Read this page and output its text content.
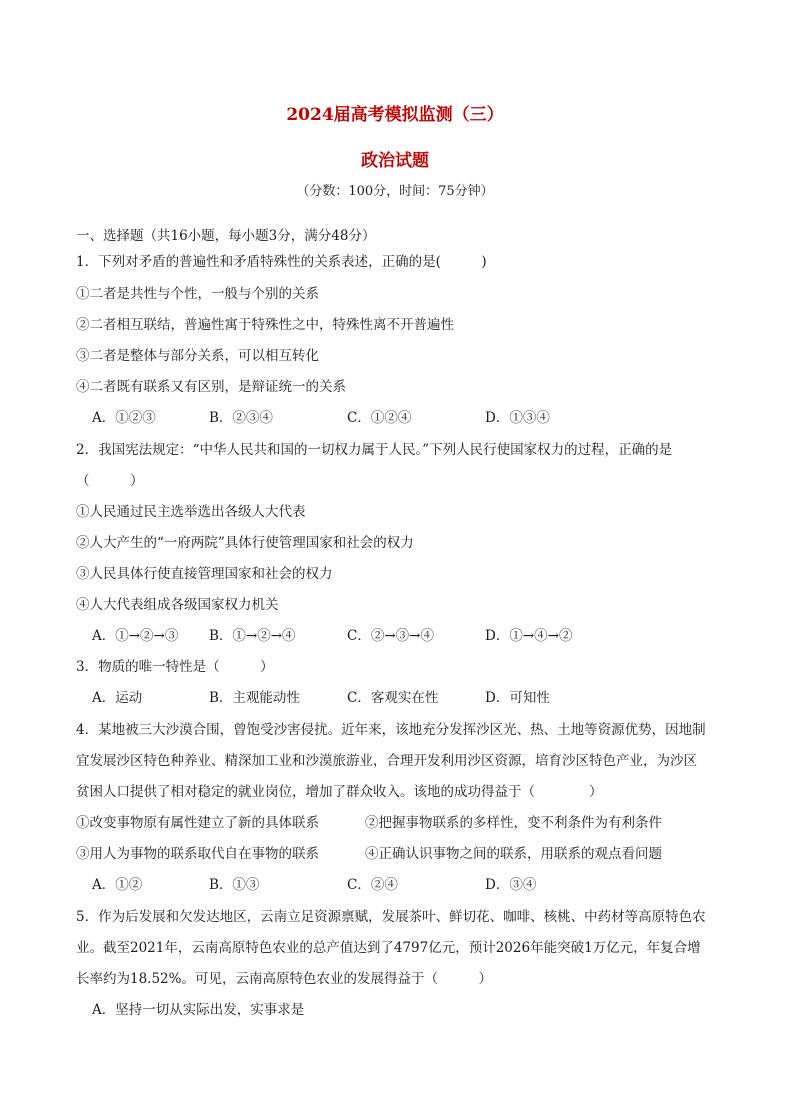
2024届高考模拟监测（三）
政治试题
（分数：100分，时间：75分钟）
一、选择题（共16小题，每小题3分，满分48分）
1．下列对矛盾的普遍性和矛盾特殊性的关系表述，正确的是(　　　)
①二者是共性与个性，一般与个别的关系
②二者相互联结，普遍性寓于特殊性之中，特殊性离不开普遍性
③二者是整体与部分关系，可以相互转化
④二者既有联系又有区别，是辩证统一的关系
A．①②③	B．②③④	C．①②④	D．①③④
2．我国宪法规定：“中华人民共和国的一切权力属于人民。”下列人民行使国家权力的过程，正确的是
（　　　）
①人民通过民主选举选出各级人大代表
②人大产生的“一府两院”具体行使管理国家和社会的权力
③人民具体行使直接管理国家和社会的权力
④人大代表组成各级国家权力机关
A．①→②→③ B．①→②→④	C．②→③→④	D．①→④→②
3．物质的唯一特性是（　　　）
A．运动	B．主观能动性	C．客观实在性	D．可知性
4．某地被三大沙漠合围，曾饱受沙害侵扰。近年来，该地充分发挥沙区光、热、土地等资源优势，因地制
宜发展沙区特色种养业、精深加工业和沙漠旅游业，合理开发利用沙区资源，培育沙区特色产业，为沙区
贫困人口提供了相对稳定的就业岗位，增加了群众收入。该地的成功得益于（　　　　）
①改变事物原有属性建立了新的具体联系	②把握事物联系的多样性，变不利条件为有利条件
③用人为事物的联系取代自在事物的联系	④正确认识事物之间的联系，用联系的观点看问题
A．①②	B．①③	C．②④	D．③④
5．作为后发展和欠发达地区，云南立足资源禀赋，发展茶叶、鲜切花、咖啡、核桃、中药材等高原特色农
业。截至2021年，云南高原特色农业的总产值达到了4797亿元，预计2026年能突破1万亿元，年复合增
长率约为18.52%。可见，云南高原特色农业的发展得益于（　　　）
A．坚持一切从实际出发，实事求是
